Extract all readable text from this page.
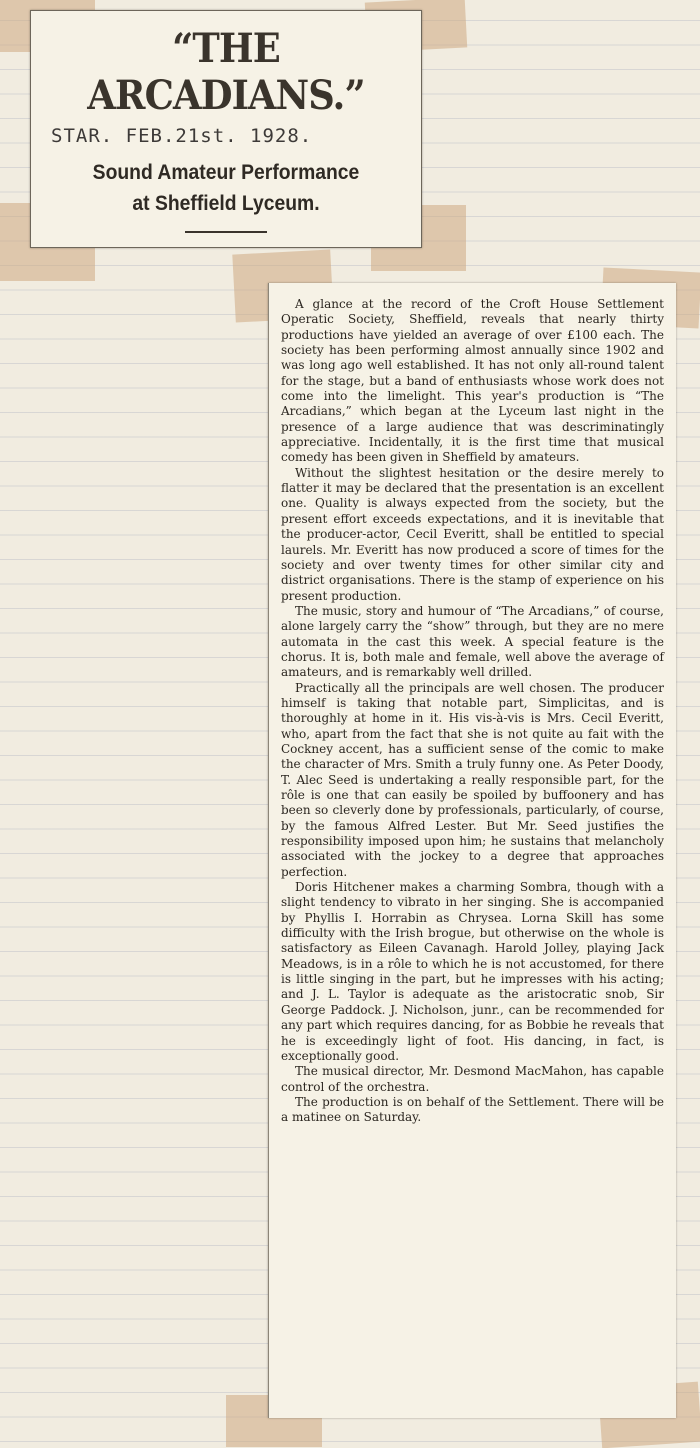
“THE ARCADIANS.”
STAR. FEB.21st. 1928.
Sound Amateur Performance
at Sheffield Lyceum.

A glance at the record of the Croft House Settlement Operatic Society, Sheffield, reveals that nearly thirty productions have yielded an average of over £100 each. The society has been performing almost annually since 1902 and was long ago well established. It has not only all-round talent for the stage, but a band of enthusiasts whose work does not come into the limelight. This year's production is “The Arcadians,” which began at the Lyceum last night in the presence of a large audience that was descriminatingly appreciative. Incidentally, it is the first time that musical comedy has been given in Sheffield by amateurs.

Without the slightest hesitation or the desire merely to flatter it may be declared that the presentation is an excellent one. Quality is always expected from the society, but the present effort exceeds expectations, and it is inevitable that the producer-actor, Cecil Everitt, shall be entitled to special laurels. Mr. Everitt has now produced a score of times for the society and over twenty times for other similar city and district organisations. There is the stamp of experience on his present production.

The music, story and humour of “The Arcadians,” of course, alone largely carry the “show” through, but they are no mere automata in the cast this week. A special feature is the chorus. It is, both male and female, well above the average of amateurs, and is remarkably well drilled.

Practically all the principals are well chosen. The producer himself is taking that notable part, Simplicitas, and is thoroughly at home in it. His vis-à-vis is Mrs. Cecil Everitt, who, apart from the fact that she is not quite au fait with the Cockney accent, has a sufficient sense of the comic to make the character of Mrs. Smith a truly funny one. As Peter Doody, T. Alec Seed is undertaking a really responsible part, for the rôle is one that can easily be spoiled by buffoonery and has been so cleverly done by professionals, particularly, of course, by the famous Alfred Lester. But Mr. Seed justifies the responsibility imposed upon him; he sustains that melancholy associated with the jockey to a degree that approaches perfection.

Doris Hitchener makes a charming Sombra, though with a slight tendency to vibrato in her singing. She is accompanied by Phyllis I. Horrabin as Chrysea. Lorna Skill has some difficulty with the Irish brogue, but otherwise on the whole is satisfactory as Eileen Cavanagh. Harold Jolley, playing Jack Meadows, is in a rôle to which he is not accustomed, for there is little singing in the part, but he impresses with his acting; and J. L. Taylor is adequate as the aristocratic snob, Sir George Paddock. J. Nicholson, junr., can be recommended for any part which requires dancing, for as Bobbie he reveals that he is exceedingly light of foot. His dancing, in fact, is exceptionally good.

The musical director, Mr. Desmond MacMahon, has capable control of the orchestra.

The production is on behalf of the Settlement. There will be a matinee on Saturday.
